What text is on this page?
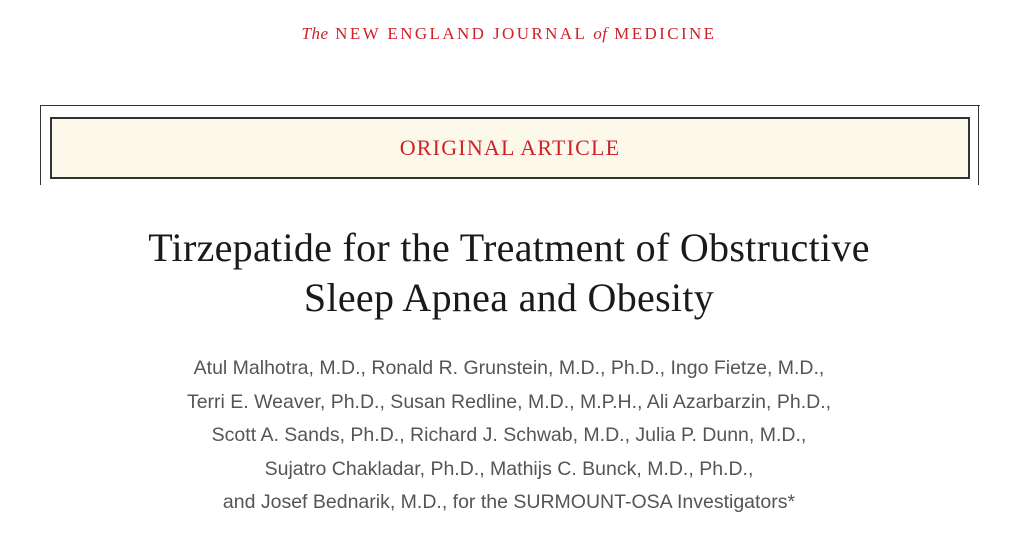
The NEW ENGLAND JOURNAL of MEDICINE
ORIGINAL ARTICLE
Tirzepatide for the Treatment of Obstructive
Sleep Apnea and Obesity
Atul Malhotra, M.D., Ronald R. Grunstein, M.D., Ph.D., Ingo Fietze, M.D.,
Terri E. Weaver, Ph.D., Susan Redline, M.D., M.P.H., Ali Azarbarzin, Ph.D.,
Scott A. Sands, Ph.D., Richard J. Schwab, M.D., Julia P. Dunn, M.D.,
Sujatro Chakladar, Ph.D., Mathijs C. Bunck, M.D., Ph.D.,
and Josef Bednarik, M.D., for the SURMOUNT-OSA Investigators*
